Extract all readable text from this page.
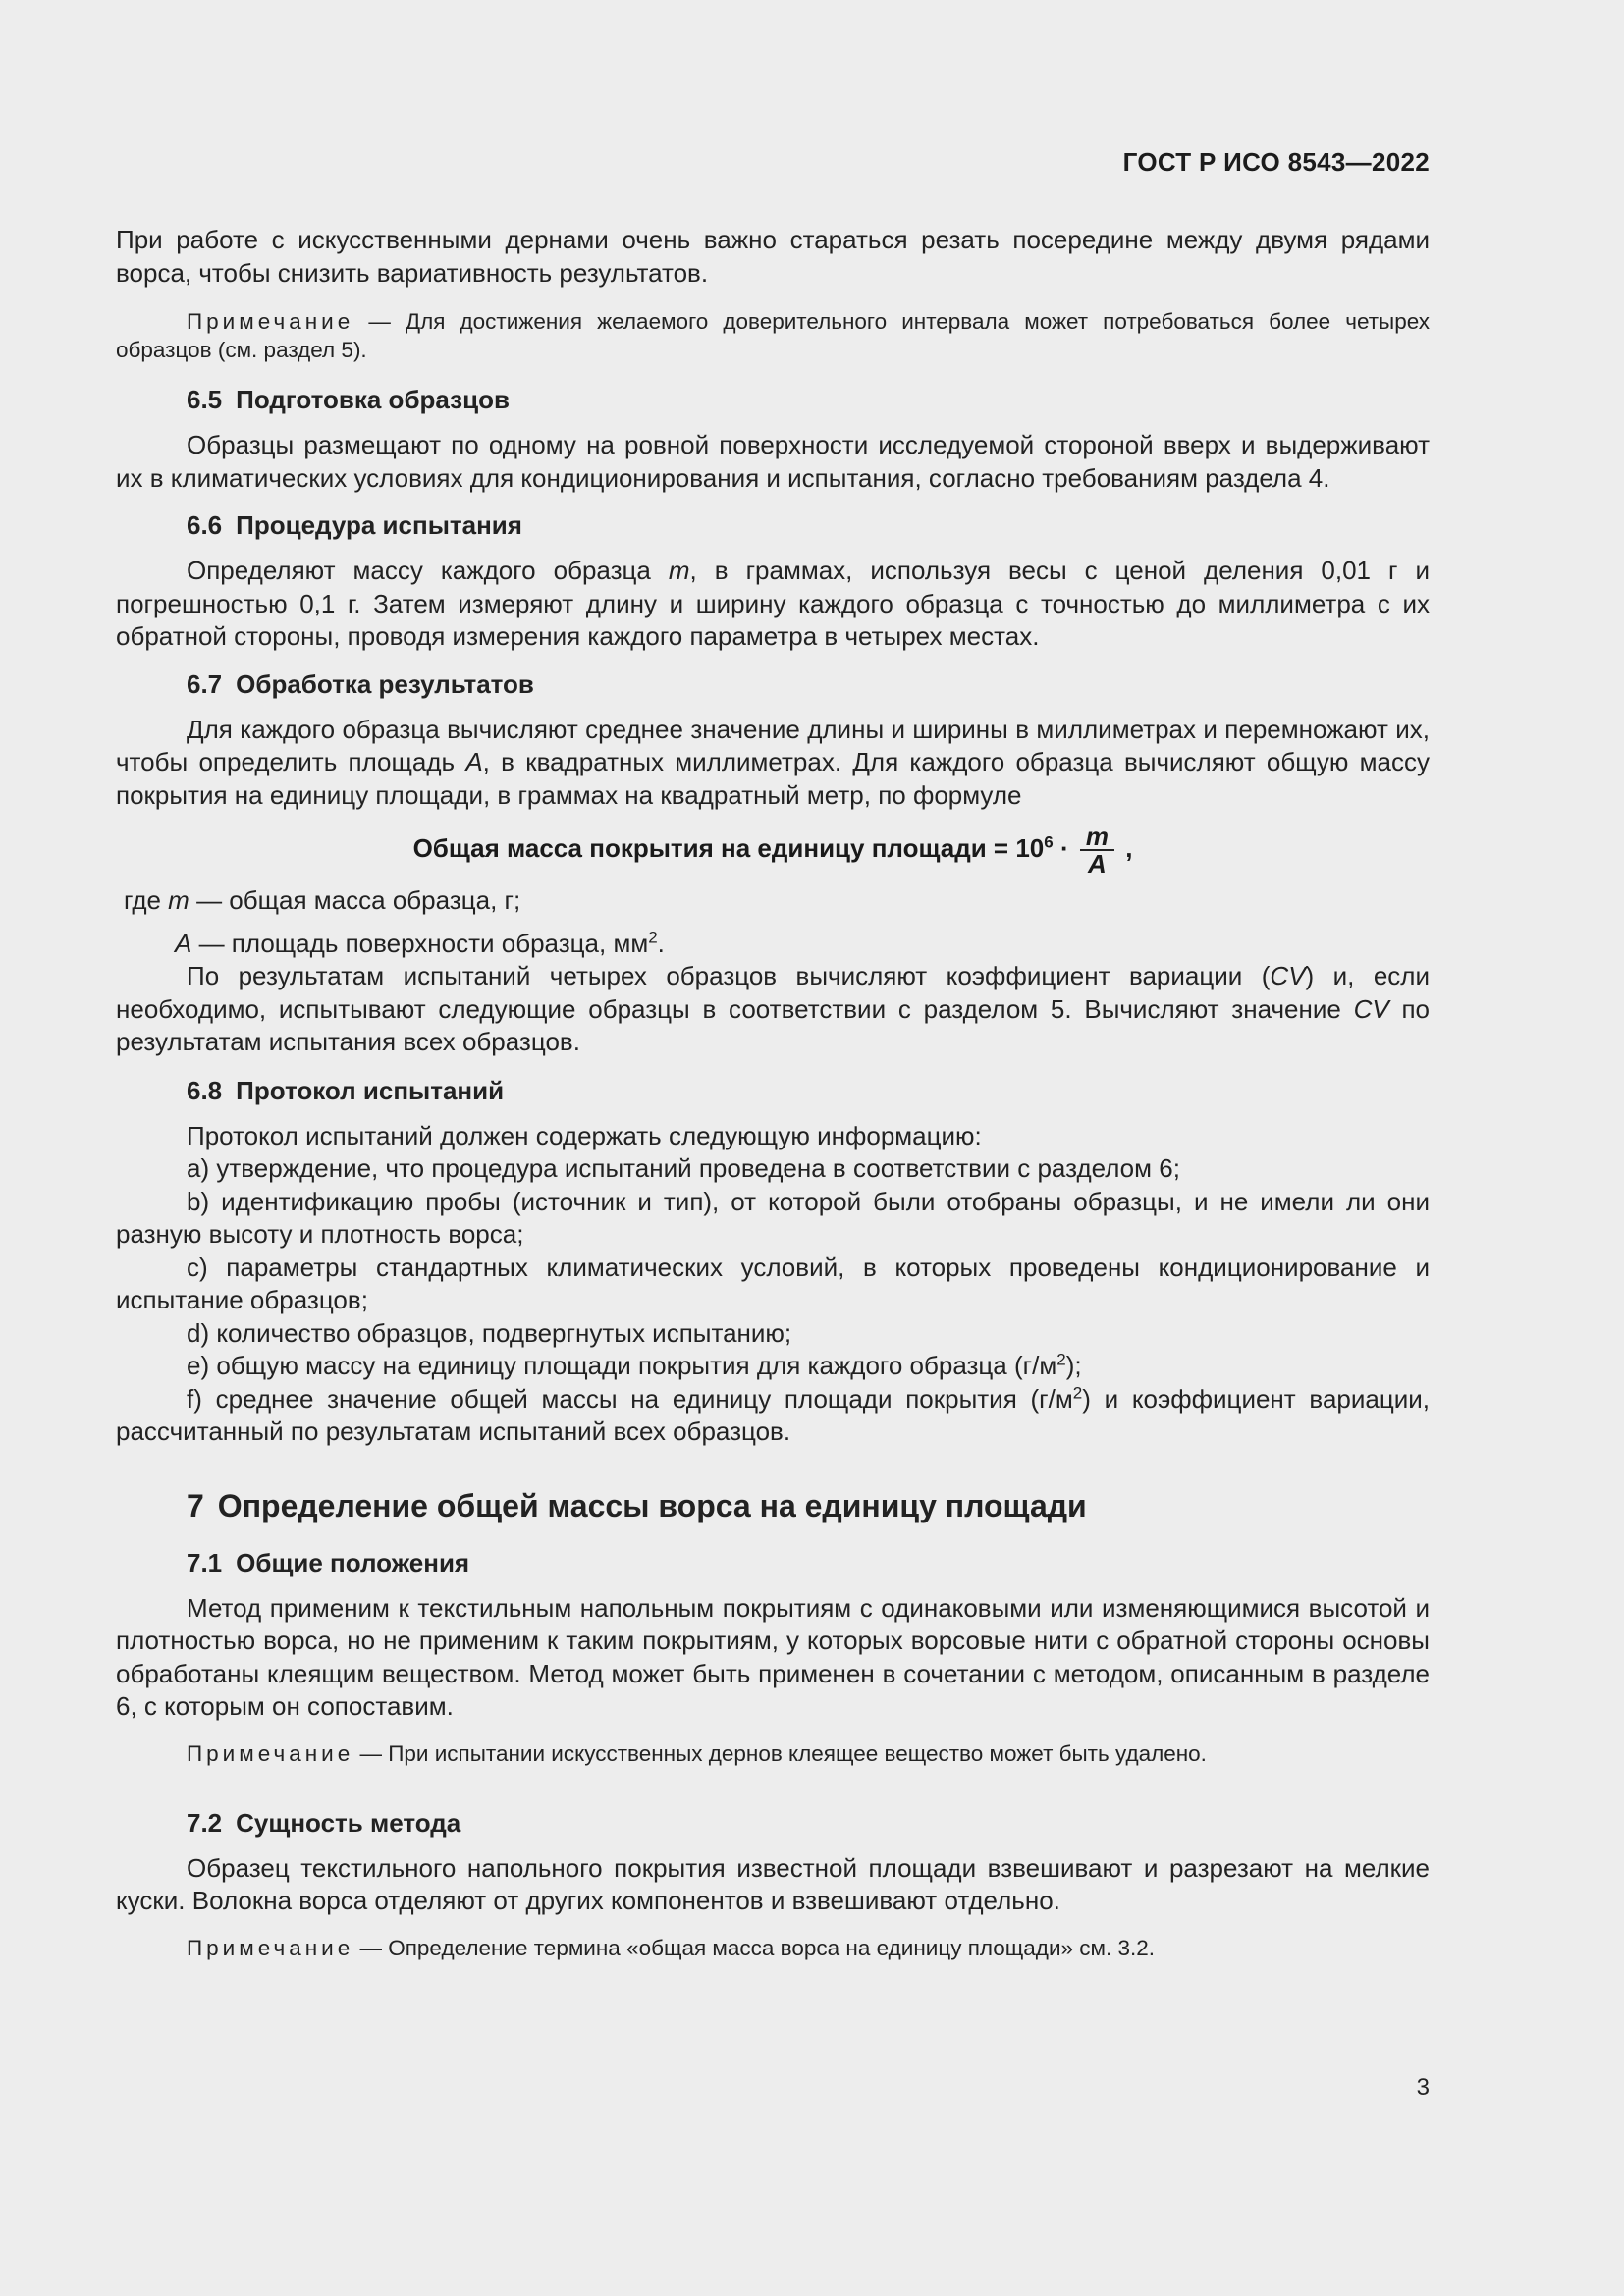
ГОСТ Р ИСО 8543—2022

При работе с искусственными дернами очень важно стараться резать посередине между двумя рядами ворса, чтобы снизить вариативность результатов.

Примечание — Для достижения желаемого доверительного интервала может потребоваться более четырех образцов (см. раздел 5).
6.5 Подготовка образцов

Образцы размещают по одному на ровной поверхности исследуемой стороной вверх и выдерживают их в климатических условиях для кондиционирования и испытания, согласно требованиям раздела 4.

6.6 Процедура испытания

Определяют массу каждого образца m, в граммах, используя весы с ценой деления 0,01 г и погрешностью 0,1 г. Затем измеряют длину и ширину каждого образца с точностью до миллиметра с их обратной стороны, проводя измерения каждого параметра в четырех местах.

6.7 Обработка результатов

Для каждого образца вычисляют среднее значение длины и ширины в миллиметрах и перемножают их, чтобы определить площадь A, в квадратных миллиметрах. Для каждого образца вычисляют общую массу покрытия на единицу площади, в граммах на квадратный метр, по формуле

Общая масса покрытия на единицу площади = $10^6 \cdot \frac{m}{A}$ ,
где m — общая масса образца, г;
A — площадь поверхности образца, $мм^2$.

По результатам испытаний четырех образцов вычисляют коэффициент вариации (CV) и, если необходимо, испытывают следующие образцы в соответствии с разделом 5. Вычисляют значение CV по результатам испытания всех образцов.

6.8 Протокол испытаний

Протокол испытаний должен содержать следующую информацию:

a) утверждение, что процедура испытаний проведена в соответствии с разделом 6;

b) идентификацию пробы (источник и тип), от которой были отобраны образцы, и не имели ли они разную высоту и плотность ворса;

c) параметры стандартных климатических условий, в которых проведены кондиционирование и испытание образцов;

d) количество образцов, подвергнутых испытанию;

e) общую массу на единицу площади покрытия для каждого образца $(г/м^2)$;

f) среднее значение общей массы на единицу площади покрытия $(г/м^2)$ и коэффициент вариации, рассчитанный по результатам испытаний всех образцов.

7 Определение общей массы ворса на единицу площади
7.1 Общие положения

Метод применим к текстильным напольным покрытиям с одинаковыми или изменяющимися высотой и плотностью ворса, но не применим к таким покрытиям, у которых ворсовые нити с обратной стороны основы обработаны клеящим веществом. Метод может быть применен в сочетании с методом, описанным в разделе 6, с которым он сопоставим.

Примечание — При испытании искусственных дернов клеящее вещество может быть удалено.
7.2 Сущность метода

Образец текстильного напольного покрытия известной площади взвешивают и разрезают на мелкие куски. Волокна ворса отделяют от других компонентов и взвешивают отдельно.

Примечание — Определение термина «общая масса ворса на единицу площади» см. 3.2.
3
